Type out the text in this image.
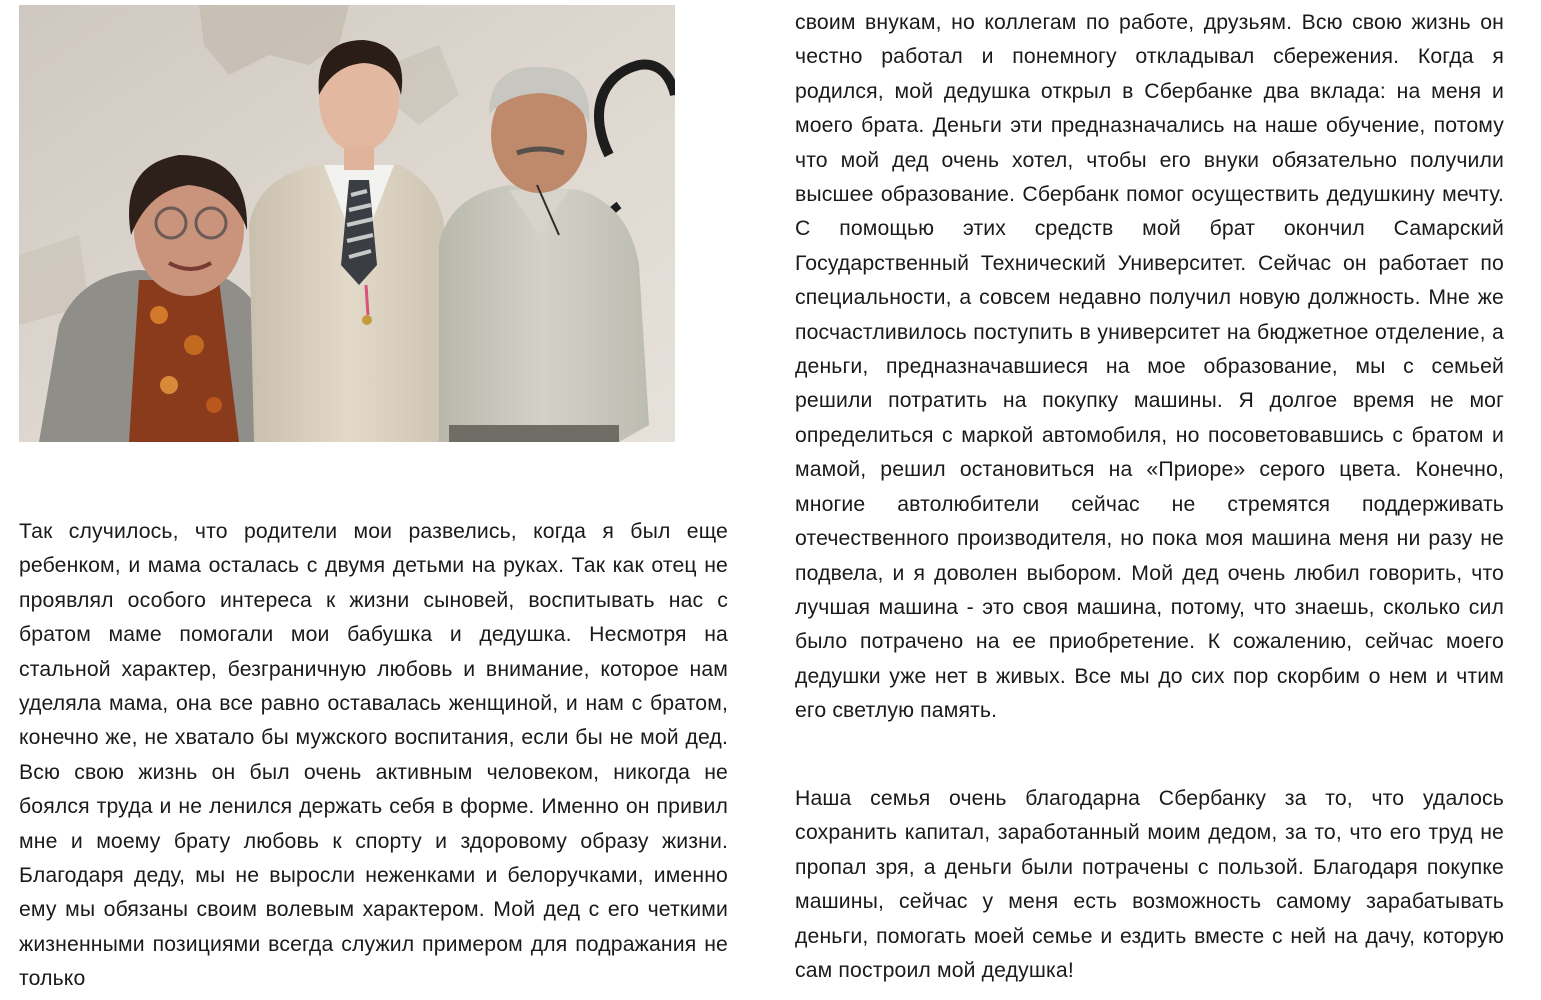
Так случилось, что родители мои развелись, когда я был еще ребенком, и мама осталась с двумя детьми на руках. Так как отец не проявлял особого интереса к жизни сыновей, воспитывать нас с братом маме помогали мои бабушка и дедушка. Несмотря на стальной характер, безграничную любовь и внимание, которое нам уделяла мама, она все равно оставалась женщиной, и нам с братом, конечно же, не хватало бы мужского воспитания, если бы не мой дед. Всю свою жизнь он был очень активным человеком, никогда не боялся труда и не ленился держать себя в форме. Именно он привил мне и моему брату любовь к спорту и здоровому образу жизни. Благодаря деду, мы не выросли неженками и белоручками, именно ему мы обязаны своим волевым характером. Мой дед с его четкими жизненными позициями всегда служил примером для подражания не только

своим внукам, но коллегам по работе, друзьям. Всю свою жизнь он честно работал и понемногу откладывал сбережения. Когда я родился, мой дедушка открыл в Сбербанке два вклада: на меня и моего брата. Деньги эти предназначались на наше обучение, потому что мой дед очень хотел, чтобы его внуки обязательно получили высшее образование. Сбербанк помог осуществить дедушкину мечту. С помощью этих средств мой брат окончил Самарский Государственный Технический Университет. Сейчас он работает по специальности, а совсем недавно получил новую должность. Мне же посчастливилось поступить в университет на бюджетное отделение, а деньги, предназначавшиеся на мое образование, мы с семьей решили потратить на покупку машины. Я долгое время не мог определиться с маркой автомобиля, но посоветовавшись с братом и мамой, решил остановиться на «Приоре» серого цвета. Конечно, многие автолюбители сейчас не стремятся поддерживать отечественного производителя, но пока моя машина меня ни разу не подвела, и я доволен выбором. Мой дед очень любил говорить, что лучшая машина - это своя машина, потому, что знаешь, сколько сил было потрачено на ее приобретение. К сожалению, сейчас моего дедушки уже нет в живых. Все мы до сих пор скорбим о нем и чтим его светлую память.

Наша семья очень благодарна Сбербанку за то, что удалось сохранить капитал, заработанный моим дедом, за то, что его труд не пропал зря, а деньги были потрачены с пользой. Благодаря покупке машины, сейчас у меня есть возможность самому зарабатывать деньги, помогать моей семье и ездить вместе с ней на дачу, которую сам построил мой дедушка!
